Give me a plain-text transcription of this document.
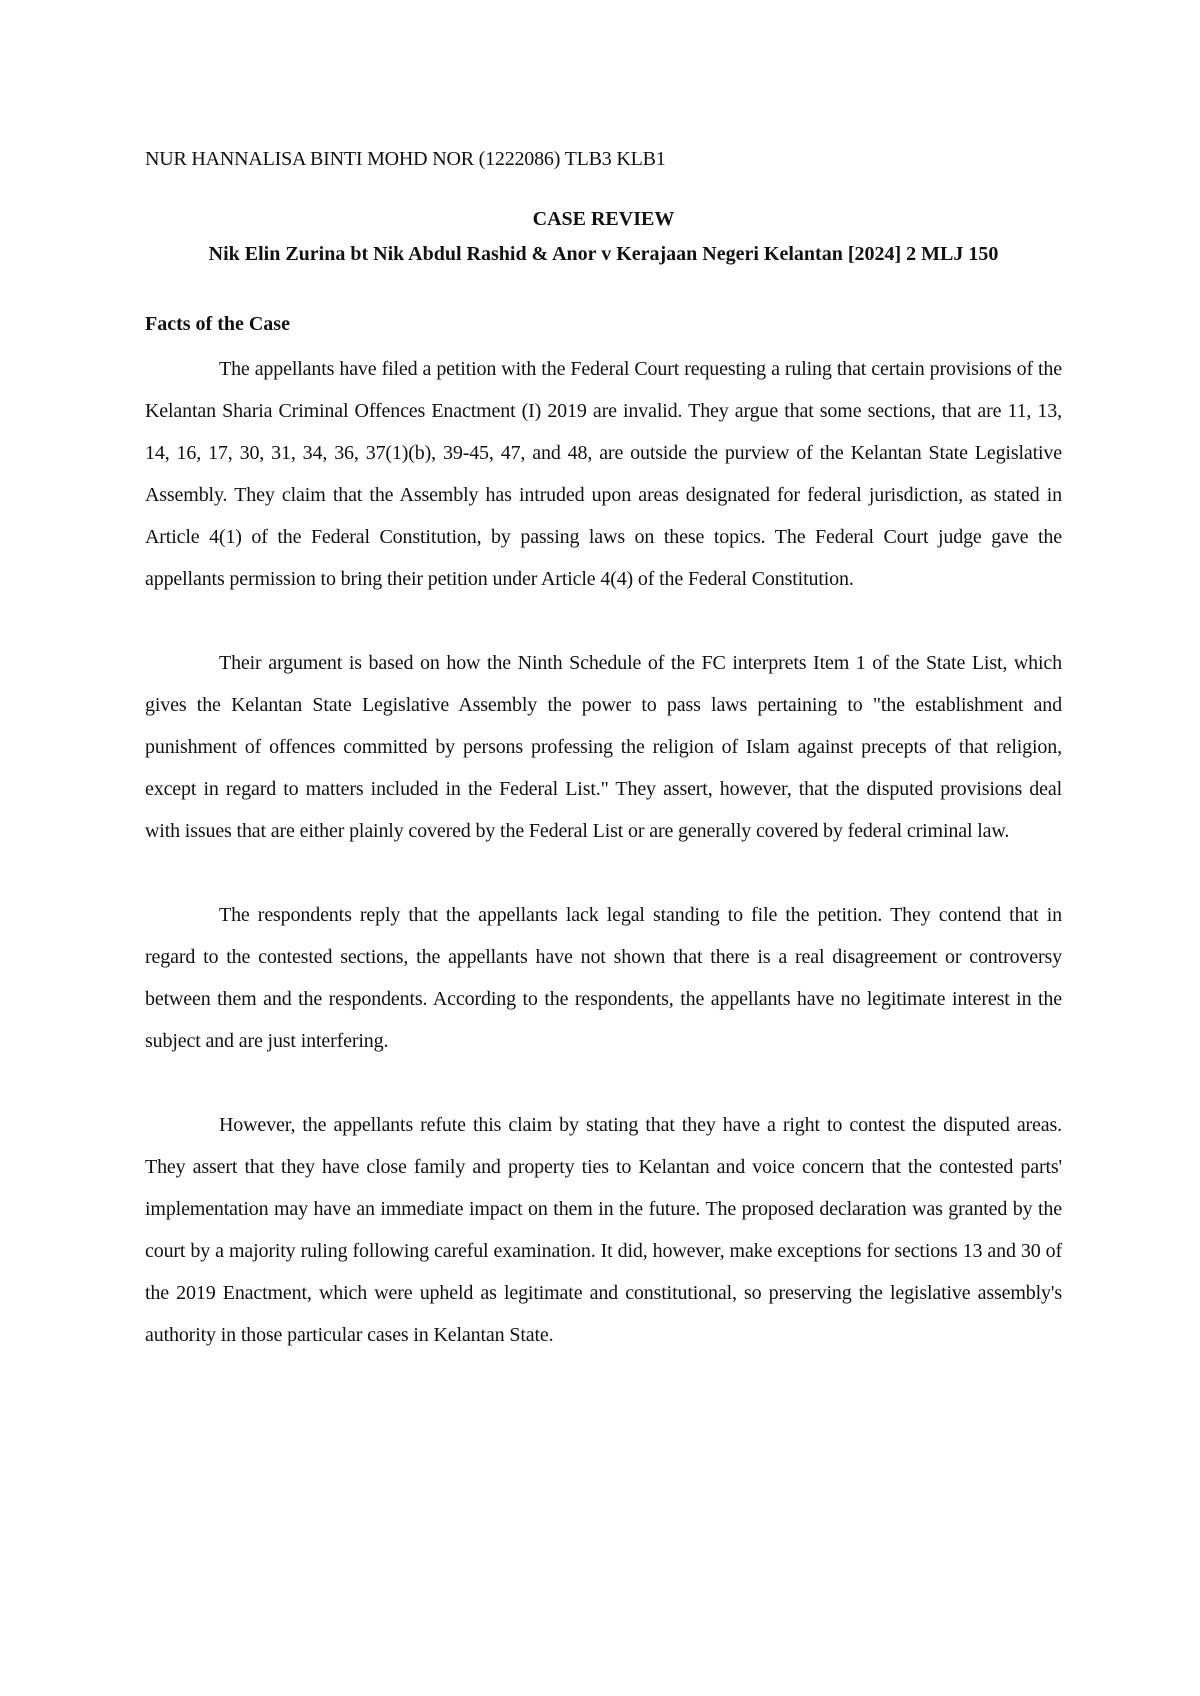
NUR HANNALISA BINTI MOHD NOR (1222086) TLB3 KLB1
CASE REVIEW
Nik Elin Zurina bt Nik Abdul Rashid & Anor v Kerajaan Negeri Kelantan [2024] 2 MLJ 150
Facts of the Case

The appellants have filed a petition with the Federal Court requesting a ruling that certain provisions of the Kelantan Sharia Criminal Offences Enactment (I) 2019 are invalid. They argue that some sections, that are 11, 13, 14, 16, 17, 30, 31, 34, 36, 37(1)(b), 39-45, 47, and 48, are outside the purview of the Kelantan State Legislative Assembly. They claim that the Assembly has intruded upon areas designated for federal jurisdiction, as stated in Article 4(1) of the Federal Constitution, by passing laws on these topics. The Federal Court judge gave the appellants permission to bring their petition under Article 4(4) of the Federal Constitution.

Their argument is based on how the Ninth Schedule of the FC interprets Item 1 of the State List, which gives the Kelantan State Legislative Assembly the power to pass laws pertaining to "the establishment and punishment of offences committed by persons professing the religion of Islam against precepts of that religion, except in regard to matters included in the Federal List." They assert, however, that the disputed provisions deal with issues that are either plainly covered by the Federal List or are generally covered by federal criminal law.

The respondents reply that the appellants lack legal standing to file the petition. They contend that in regard to the contested sections, the appellants have not shown that there is a real disagreement or controversy between them and the respondents. According to the respondents, the appellants have no legitimate interest in the subject and are just interfering.

However, the appellants refute this claim by stating that they have a right to contest the disputed areas. They assert that they have close family and property ties to Kelantan and voice concern that the contested parts' implementation may have an immediate impact on them in the future. The proposed declaration was granted by the court by a majority ruling following careful examination. It did, however, make exceptions for sections 13 and 30 of the 2019 Enactment, which were upheld as legitimate and constitutional, so preserving the legislative assembly's authority in those particular cases in Kelantan State.
